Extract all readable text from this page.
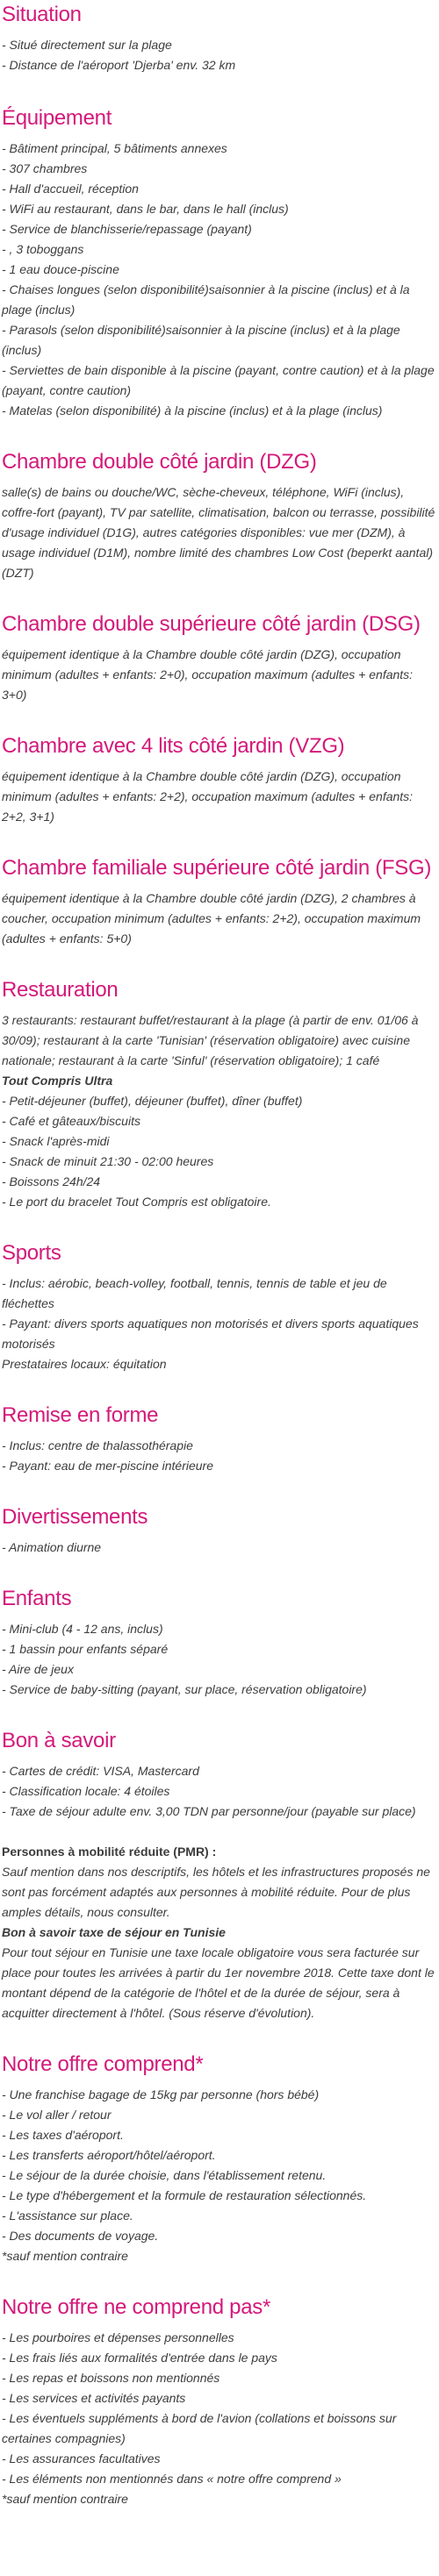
Situation

- Situé directement sur la plage

- Distance de l'aéroport 'Djerba' env. 32 km

Équipement

- Bâtiment principal, 5 bâtiments annexes

- 307 chambres

- Hall d'accueil, réception

- WiFi au restaurant, dans le bar, dans le hall (inclus)

- Service de blanchisserie/repassage (payant)

- , 3 toboggans

- 1 eau douce-piscine

- Chaises longues (selon disponibilité)saisonnier à la piscine (inclus) et à la plage (inclus)

- Parasols (selon disponibilité)saisonnier à la piscine (inclus) et à la plage (inclus)

- Serviettes de bain disponible à la piscine (payant, contre caution) et à la plage (payant, contre caution)

- Matelas (selon disponibilité) à la piscine (inclus) et à la plage (inclus)

Chambre double côté jardin (DZG)

salle(s) de bains ou douche/WC, sèche-cheveux, téléphone, WiFi (inclus), coffre-fort (payant), TV par satellite, climatisation, balcon ou terrasse, possibilité d'usage individuel (D1G), autres catégories disponibles: vue mer (DZM), à usage individuel (D1M), nombre limité des chambres Low Cost (beperkt aantal) (DZT)

Chambre double supérieure côté jardin (DSG)

équipement identique à la Chambre double côté jardin (DZG), occupation minimum (adultes + enfants: 2+0), occupation maximum (adultes + enfants: 3+0)

Chambre avec 4 lits côté jardin (VZG)

équipement identique à la Chambre double côté jardin (DZG), occupation minimum (adultes + enfants: 2+2), occupation maximum (adultes + enfants: 2+2, 3+1)

Chambre familiale supérieure côté jardin (FSG)

équipement identique à la Chambre double côté jardin (DZG), 2 chambres à coucher, occupation minimum (adultes + enfants: 2+2), occupation maximum (adultes + enfants: 5+0)

Restauration

3 restaurants: restaurant buffet/restaurant à la plage (à partir de env. 01/06 à 30/09); restaurant à la carte 'Tunisian' (réservation obligatoire) avec cuisine nationale; restaurant à la carte 'Sinful' (réservation obligatoire); 1 café

Tout Compris Ultra

- Petit-déjeuner (buffet), déjeuner (buffet), dîner (buffet)

- Café et gâteaux/biscuits

- Snack l'après-midi

- Snack de minuit 21:30 - 02:00 heures

- Boissons 24h/24

- Le port du bracelet Tout Compris est obligatoire.

Sports

- Inclus: aérobic, beach-volley, football, tennis, tennis de table et jeu de fléchettes

- Payant: divers sports aquatiques non motorisés et divers sports aquatiques motorisés

Prestataires locaux: équitation

Remise en forme

- Inclus: centre de thalassothérapie

- Payant: eau de mer-piscine intérieure

Divertissements

- Animation diurne

Enfants

- Mini-club (4 - 12 ans, inclus)

- 1 bassin pour enfants séparé

- Aire de jeux

- Service de baby-sitting (payant, sur place, réservation obligatoire)

Bon à savoir

- Cartes de crédit: VISA, Mastercard

- Classification locale: 4 étoiles

- Taxe de séjour adulte env. 3,00 TDN par personne/jour (payable sur place)

Personnes à mobilité réduite (PMR) :

Sauf mention dans nos descriptifs, les hôtels et les infrastructures proposés ne sont pas forcément adaptés aux personnes à mobilité réduite. Pour de plus amples détails, nous consulter.

Bon à savoir taxe de séjour en Tunisie

Pour tout séjour en Tunisie une taxe locale obligatoire vous sera facturée sur place pour toutes les arrivées à partir du 1er novembre 2018. Cette taxe dont le montant dépend de la catégorie de l'hôtel et de la durée de séjour, sera à acquitter directement à l'hôtel. (Sous réserve d'évolution).

Notre offre comprend*

- Une franchise bagage de 15kg par personne (hors bébé)

- Le vol aller / retour

- Les taxes d'aéroport.

- Les transferts aéroport/hôtel/aéroport.

- Le séjour de la durée choisie, dans l'établissement retenu.

- Le type d'hébergement et la formule de restauration sélectionnés.

- L'assistance sur place.

- Des documents de voyage.

*sauf mention contraire

Notre offre ne comprend pas*

- Les pourboires et dépenses personnelles

- Les frais liés aux formalités d'entrée dans le pays

- Les repas et boissons non mentionnés

- Les services et activités payants

- Les éventuels suppléments à bord de l'avion (collations et boissons sur certaines compagnies)

- Les assurances facultatives

- Les éléments non mentionnés dans « notre offre comprend »

*sauf mention contraire
